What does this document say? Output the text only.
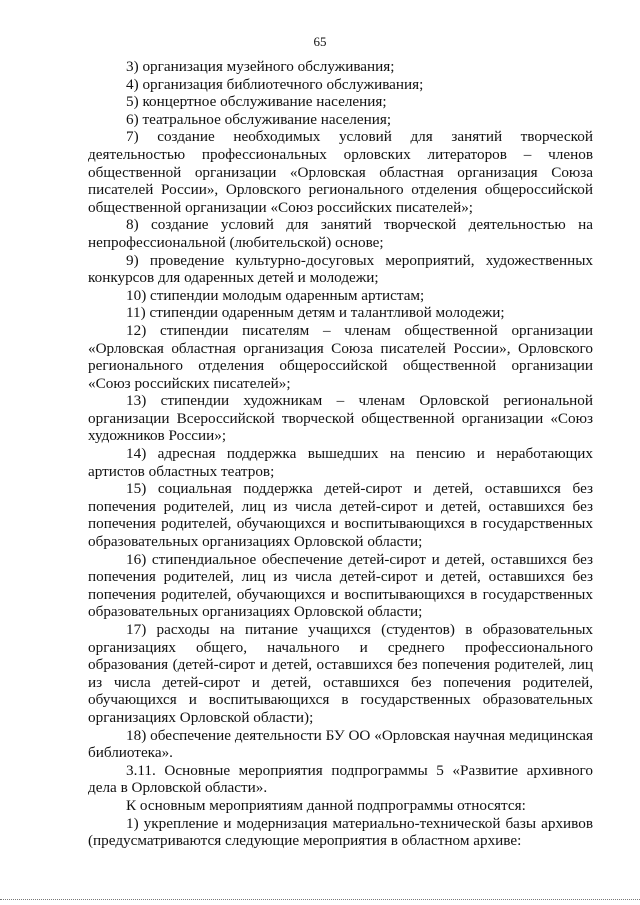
65

3) организация музейного обслуживания;

4) организация библиотечного обслуживания;

5) концертное обслуживание населения;

6) театральное обслуживание населения;

7) создание необходимых условий для занятий творческой деятельностью профессиональных орловских литераторов – членов общественной организации «Орловская областная организация Союза писателей России», Орловского регионального отделения общероссийской общественной организации «Союз российских писателей»;

8) создание условий для занятий творческой деятельностью на непрофессиональной (любительской) основе;

9) проведение культурно-досуговых мероприятий, художественных конкурсов для одаренных детей и молодежи;

10) стипендии молодым одаренным артистам;

11) стипендии одаренным детям и талантливой молодежи;

12) стипендии писателям – членам общественной организации «Орловская областная организация Союза писателей России», Орловского регионального отделения общероссийской общественной организации «Союз российских писателей»;

13) стипендии художникам – членам Орловской региональной организации Всероссийской творческой общественной организации «Союз художников России»;

14) адресная поддержка вышедших на пенсию и неработающих артистов областных театров;

15) социальная поддержка детей-сирот и детей, оставшихся без попечения родителей, лиц из числа детей-сирот и детей, оставшихся без попечения родителей, обучающихся и воспитывающихся в государственных образовательных организациях Орловской области;

16) стипендиальное обеспечение детей-сирот и детей, оставшихся без попечения родителей, лиц из числа детей-сирот и детей, оставшихся без попечения родителей, обучающихся и воспитывающихся в государственных образовательных организациях Орловской области;

17) расходы на питание учащихся (студентов) в образовательных организациях общего, начального и среднего профессионального образования (детей-сирот и детей, оставшихся без попечения родителей, лиц из числа детей-сирот и детей, оставшихся без попечения родителей, обучающихся и воспитывающихся в государственных образовательных организациях Орловской области);

18) обеспечение деятельности БУ ОО «Орловская научная медицинская библиотека».

3.11. Основные мероприятия подпрограммы 5 «Развитие архивного дела в Орловской области».

К основным мероприятиям данной подпрограммы относятся:

1) укрепление и модернизация материально-технической базы архивов (предусматриваются следующие мероприятия в областном архиве:
